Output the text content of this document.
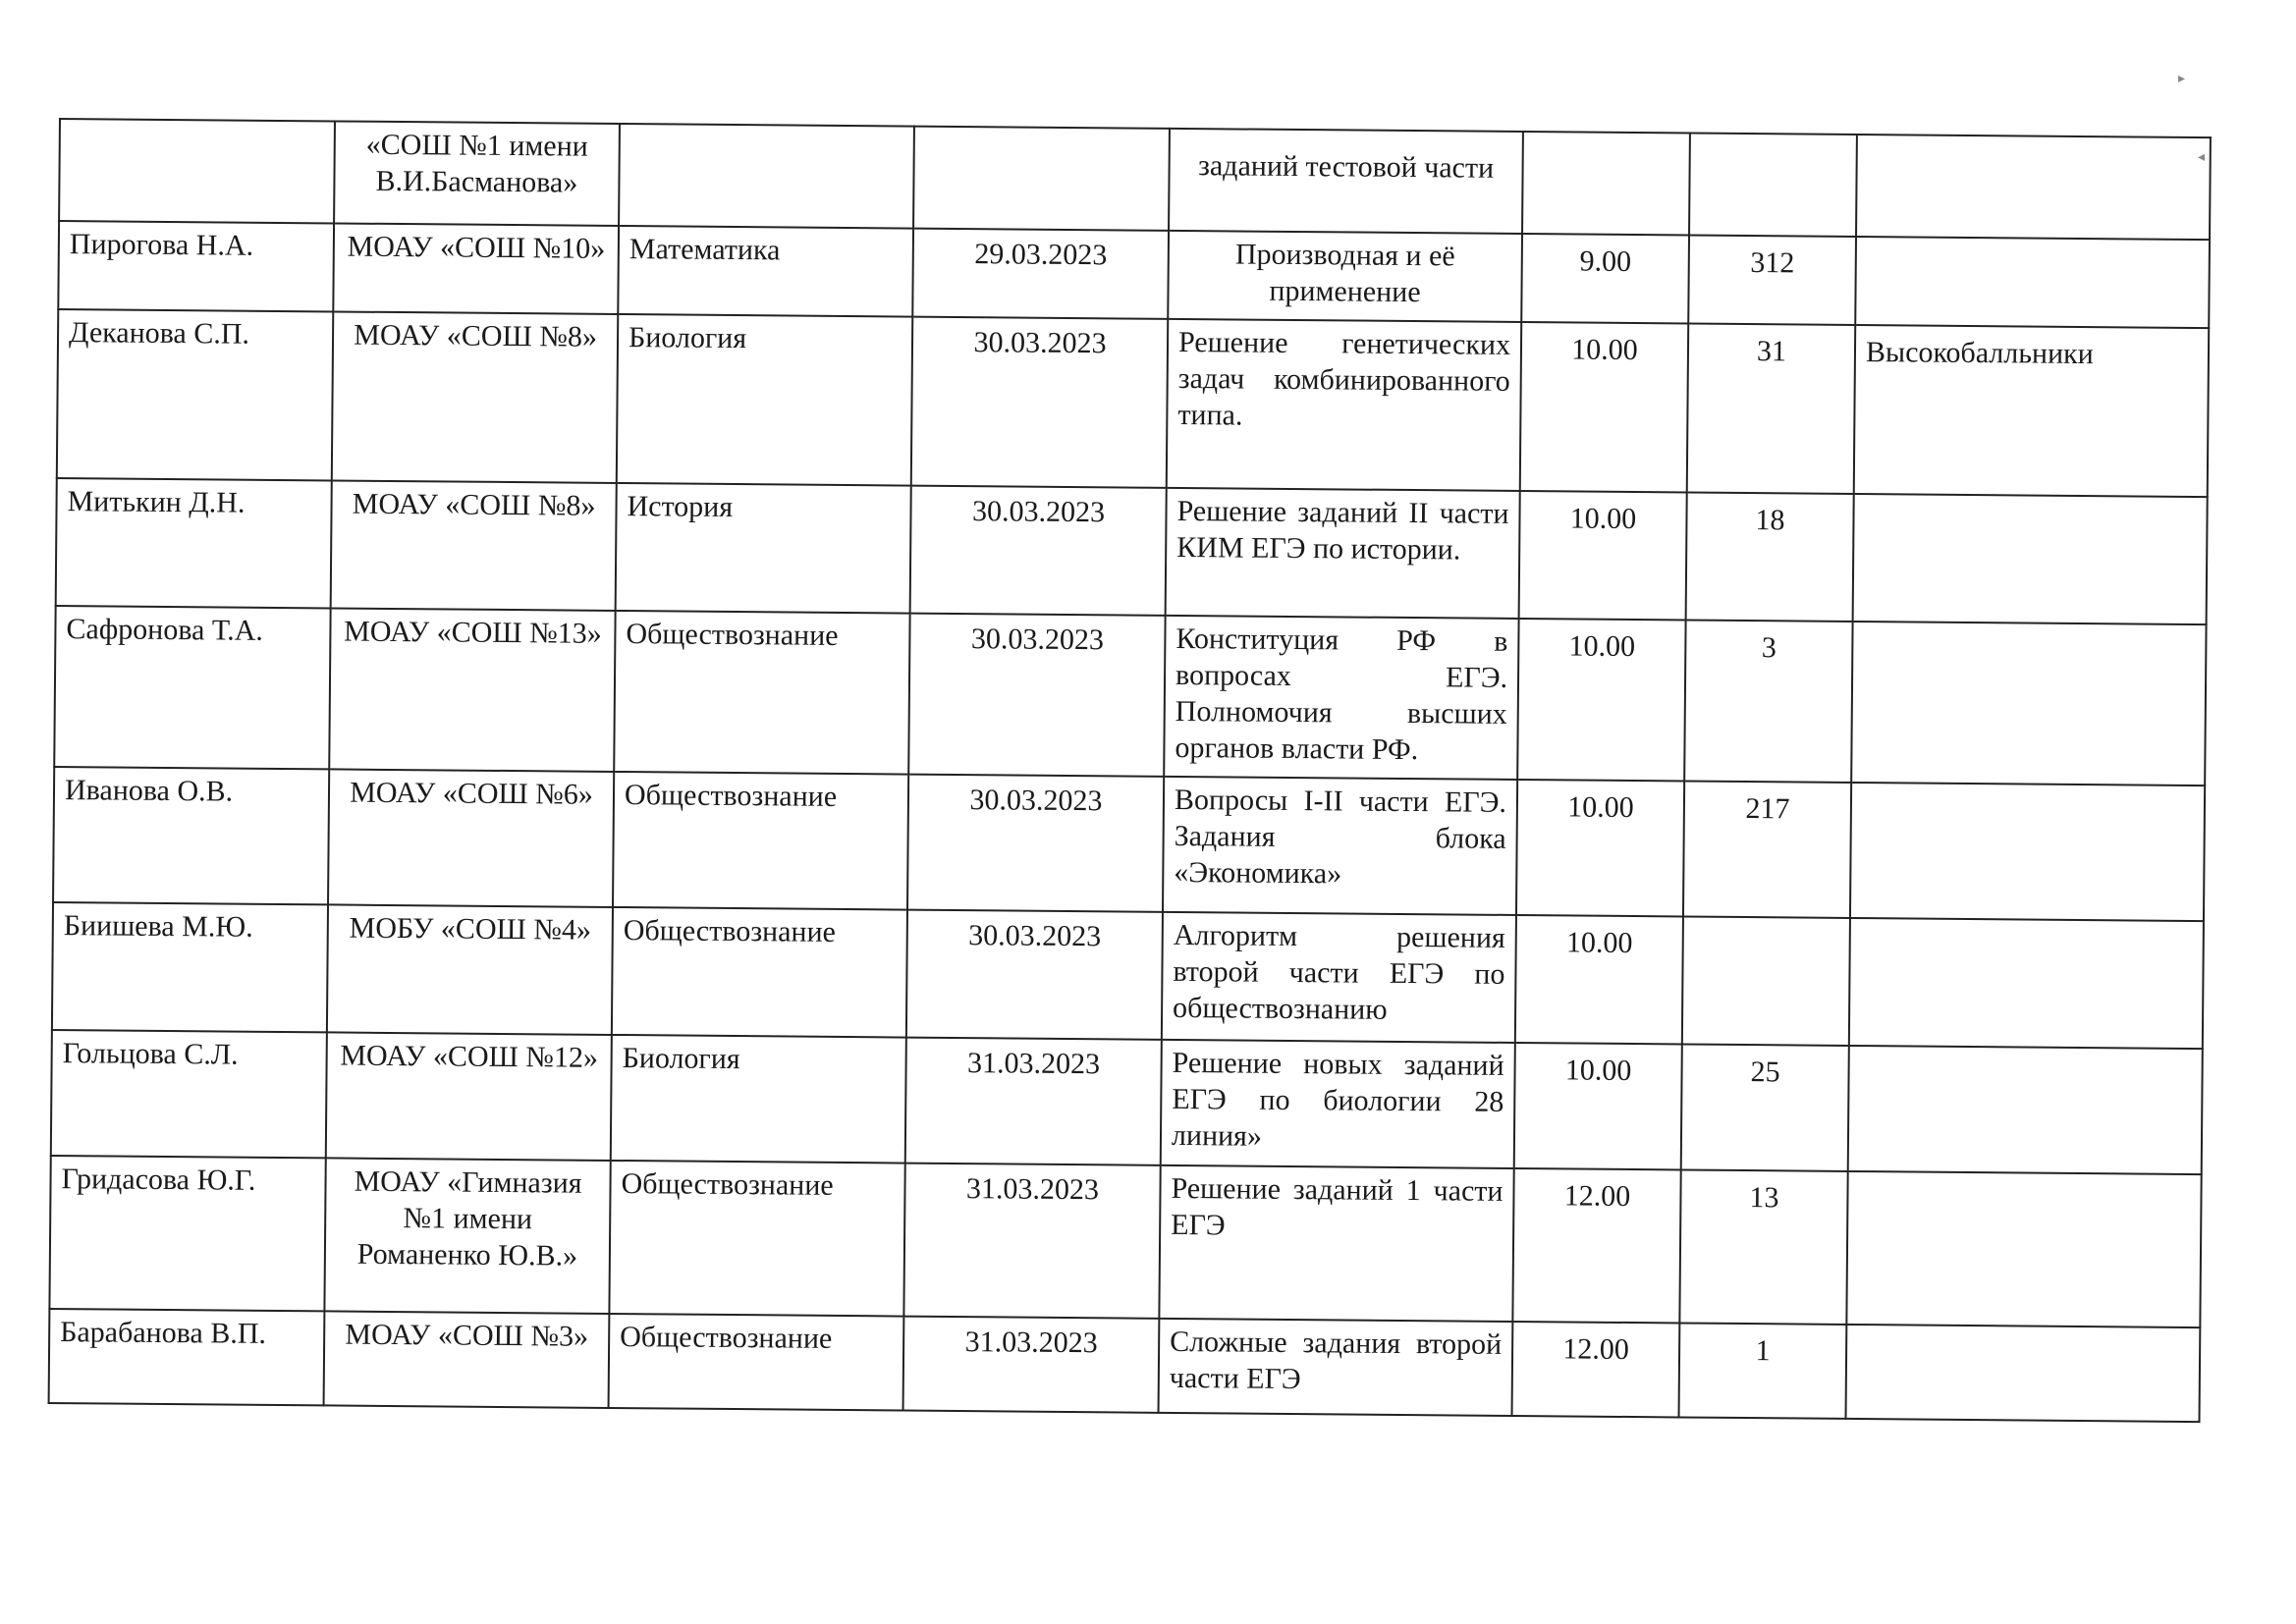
▸
◂
	«СОШ №1 имени В.И.Басманова»			заданий тестовой части			
Пирогова Н.А.	МОАУ «СОШ №10»	Математика	29.03.2023	Производная и её применение	9.00	312	
Деканова С.П.	МОАУ «СОШ №8»	Биология	30.03.2023	Решение генетических задач комбинированного типа.	10.00	31	Высокобалльники
Митькин Д.Н.	МОАУ «СОШ №8»	История	30.03.2023	Решение заданий II части КИМ ЕГЭ по истории.	10.00	18	
Сафронова Т.А.	МОАУ «СОШ №13»	Обществознание	30.03.2023	Конституция РФ в вопросах ЕГЭ. Полномочия высших органов власти РФ.	10.00	3	
Иванова О.В.	МОАУ «СОШ №6»	Обществознание	30.03.2023	Вопросы I-II части ЕГЭ. Задания блока «Экономика»	10.00	217	
Биишева М.Ю.	МОБУ «СОШ №4»	Обществознание	30.03.2023	Алгоритм решения второй части ЕГЭ по обществознанию	10.00		
Гольцова С.Л.	МОАУ «СОШ №12»	Биология	31.03.2023	Решение новых заданий ЕГЭ по биологии 28 линия»	10.00	25	
Гридасова Ю.Г.	МОАУ «Гимназия №1 имени Романенко Ю.В.»	Обществознание	31.03.2023	Решение заданий 1 части ЕГЭ	12.00	13	
Барабанова В.П.	МОАУ «СОШ №3»	Обществознание	31.03.2023	Сложные задания второй части ЕГЭ	12.00	1	
